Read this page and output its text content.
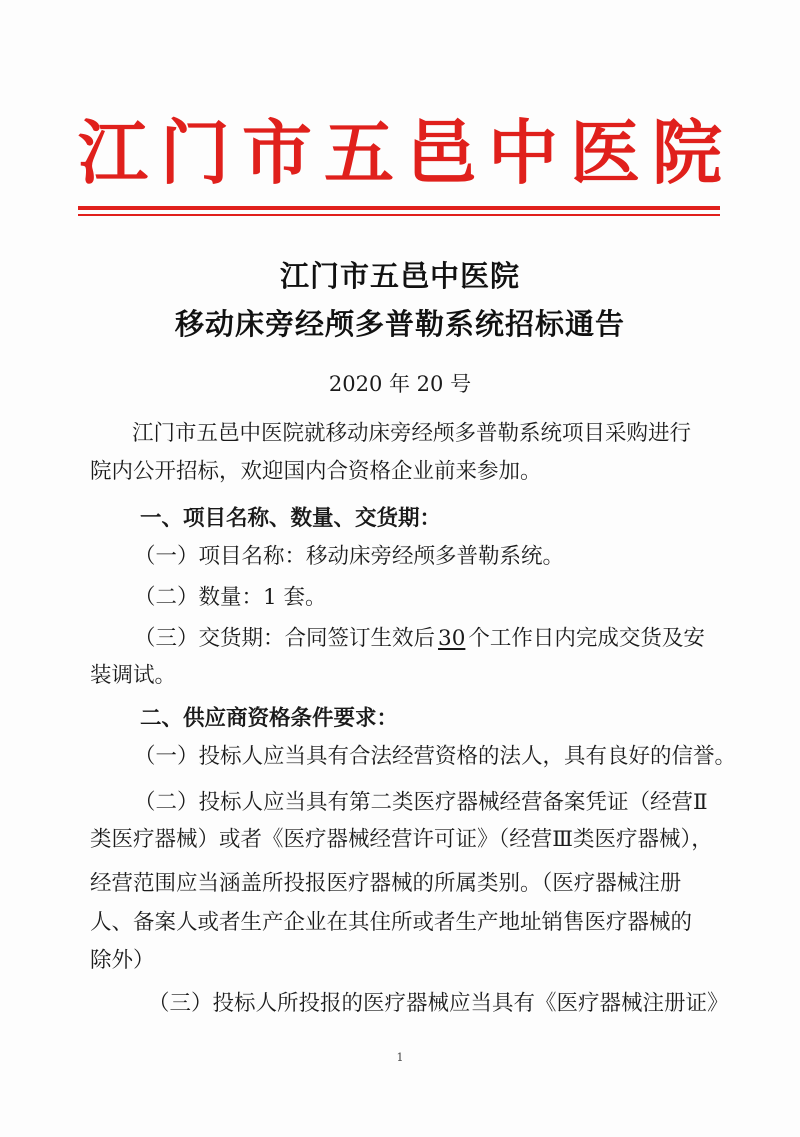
江 门 市 五 邑 中 医 院
江门市五邑中医院
移动床旁经颅多普勒系统招标通告
2020 年 20 号
江门市五邑中医院就移动床旁经颅多普勒系统项目采购进行
院内公开招标，欢迎国内合资格企业前来参加。
一、项目名称、数量、交货期：
（一）项目名称：移动床旁经颅多普勒系统。
（二）数量：1 套。
（三）交货期：合同签订生效后 30 个工作日内完成交货及安
装调试。
二、供应商资格条件要求：
（一）投标人应当具有合法经营资格的法人，具有良好的信誉。
（二）投标人应当具有第二类医疗器械经营备案凭证（经营Ⅱ
类医疗器械）或者《医疗器械经营许可证》（经营Ⅲ类医疗器械），
经营范围应当涵盖所投报医疗器械的所属类别。（医疗器械注册
人、备案人或者生产企业在其住所或者生产地址销售医疗器械的
除外）
（三）投标人所投报的医疗器械应当具有《医疗器械注册证》
1
